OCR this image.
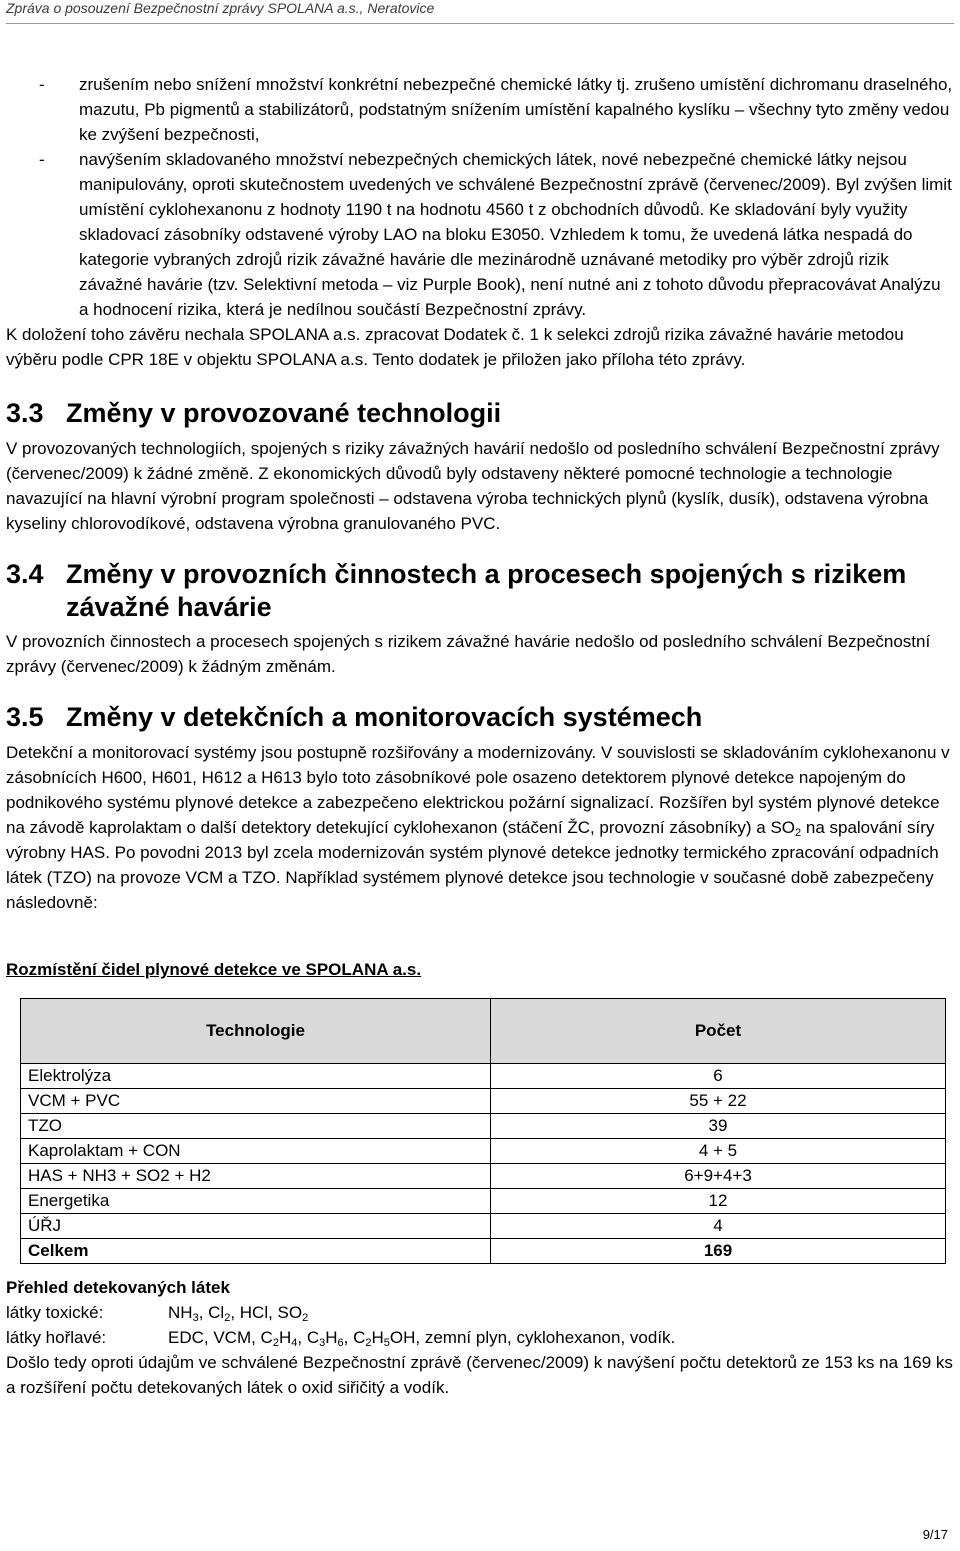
Zpráva o posouzení Bezpečnostní zprávy SPOLANA a.s., Neratovice
- zrušením nebo snížení množství konkrétní nebezpečné chemické látky tj. zrušeno umístění dichromanu draselného, mazutu, Pb pigmentů a stabilizátorů, podstatným snížením umístění kapalného kyslíku – všechny tyto změny vedou ke zvýšení bezpečnosti,

- navýšením skladovaného množství nebezpečných chemických látek, nové nebezpečné chemické látky nejsou manipulovány, oproti skutečnostem uvedených ve schválené Bezpečnostní zprávě (červenec/2009). Byl zvýšen limit umístění cyklohexanonu z hodnoty 1190 t na hodnotu 4560 t z obchodních důvodů. Ke skladování byly využity skladovací zásobníky odstavené výroby LAO na bloku E3050. Vzhledem k tomu, že uvedená látka nespadá do kategorie vybraných zdrojů rizik závažné havárie dle mezinárodně uznávané metodiky pro výběr zdrojů rizik závažné havárie (tzv. Selektivní metoda – viz Purple Book), není nutné ani z tohoto důvodu přepracovávat Analýzu a hodnocení rizika, která je nedílnou součástí Bezpečnostní zprávy.

K doložení toho závěru nechala SPOLANA a.s. zpracovat Dodatek č. 1 k selekci zdrojů rizika závažné havárie metodou výběru podle CPR 18E v objektu SPOLANA a.s. Tento dodatek je přiložen jako příloha této zprávy.

3.3 Změny v provozované technologii

V provozovaných technologiích, spojených s riziky závažných havárií nedošlo od posledního schválení Bezpečnostní zprávy (červenec/2009) k žádné změně. Z ekonomických důvodů byly odstaveny některé pomocné technologie a technologie navazující na hlavní výrobní program společnosti – odstavena výroba technických plynů (kyslík, dusík), odstavena výrobna kyseliny chlorovodíkové, odstavena výrobna granulovaného PVC.

3.4 Změny v provozních činnostech a procesech spojených s rizikem závažné havárie

V provozních činnostech a procesech spojených s rizikem závažné havárie nedošlo od posledního schválení Bezpečnostní zprávy (červenec/2009) k žádným změnám.

3.5 Změny v detekčních a monitorovacích systémech

Detekční a monitorovací systémy jsou postupně rozšiřovány a modernizovány. V souvislosti se skladováním cyklohexanonu v zásobnících H600, H601, H612 a H613 bylo toto zásobníkové pole osazeno detektorem plynové detekce napojeným do podnikového systému plynové detekce a zabezpečeno elektrickou požární signalizací. Rozšířen byl systém plynové detekce na závodě kaprolaktam o další detektory detekující cyklohexanon (stáčení ŽC, provozní zásobníky) a $SO_2$ na spalování síry výrobny HAS. Po povodni 2013 byl zcela modernizován systém plynové detekce jednotky termického zpracování odpadních látek (TZO) na provoze VCM a TZO. Například systémem plynové detekce jsou technologie v současné době zabezpečeny následovně:

Rozmístění čidel plynové detekce ve SPOLANA a.s.

Technologie	Počet
Elektrolýza	6
VCM + PVC	55 + 22
TZO	39
Kaprolaktam + CON	4 + 5
HAS + NH3 + SO2 + H2	6+9+4+3
Energetika	12
ÚŘJ	4
Celkem	169

Přehled detekovaných látek

látky toxické:	$NH_3$, $Cl_2$, HCl, $SO_2$

látky hořlavé:	EDC, VCM, $C_2H_4$, $C_3H_6$, $C_2H_5OH$, zemní plyn, cyklohexanon, vodík.

Došlo tedy oproti údajům ve schválené Bezpečnostní zprávě (červenec/2009) k navýšení počtu detektorů ze 153 ks na 169 ks a rozšíření počtu detekovaných látek o oxid siřičitý a vodík.

9/17
